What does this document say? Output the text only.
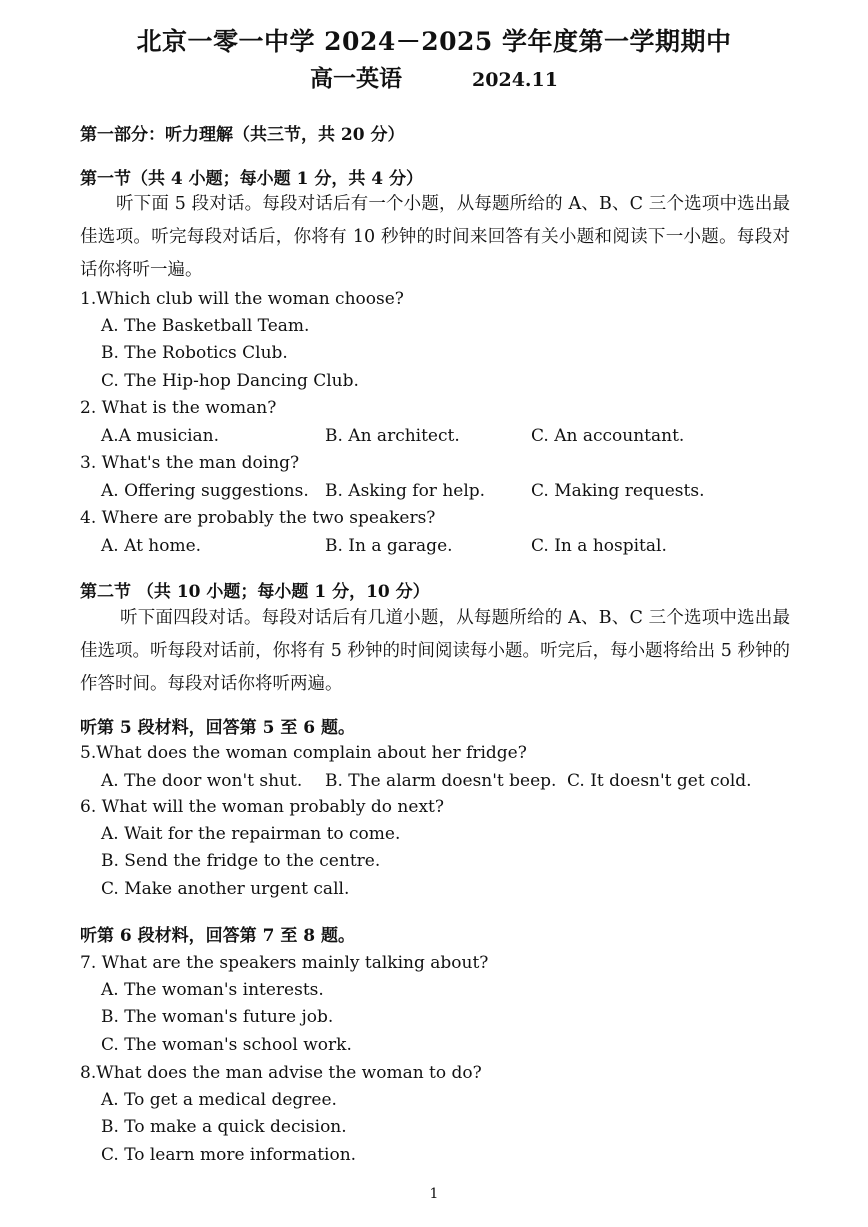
北京一零一中学 2024－2025 学年度第一学期期中
高一英语	2024.11
第一部分：听力理解（共三节，共 20 分）
第一节（共 4 小题；每小题 1 分，共 4 分）
听下面 5 段对话。每段对话后有一个小题，从每题所给的 A、B、C 三个选项中选出最佳选项。听完每段对话后，你将有 10 秒钟的时间来回答有关小题和阅读下一小题。每段对话你将听一遍。
1.Which club will the woman choose?
A. The Basketball Team.
B. The Robotics Club.
C. The Hip-hop Dancing Club.
2. What is the woman?
A.A musician.	B. An architect.	C. An accountant.
3. What's the man doing?
A. Offering suggestions. B. Asking for help.	C. Making requests.
4. Where are probably the two speakers?
A. At home.	B. In a garage.	C. In a hospital.
第二节 （共 10 小题；每小题 1 分，10 分）
听下面四段对话。每段对话后有几道小题，从每题所给的 A、B、C 三个选项中选出最佳选项。听每段对话前，你将有 5 秒钟的时间阅读每小题。听完后，每小题将给出 5 秒钟的作答时间。每段对话你将听两遍。
听第 5 段材料，回答第 5 至 6 题。
5.What does the woman complain about her fridge?
A. The door won't shut. B. The alarm doesn't beep. C. It doesn't get cold.
6. What will the woman probably do next?
A. Wait for the repairman to come.
B. Send the fridge to the centre.
C. Make another urgent call.
听第 6 段材料，回答第 7 至 8 题。
7. What are the speakers mainly talking about?
A. The woman's interests.
B. The woman's future job.
C. The woman's school work.
8.What does the man advise the woman to do?
A. To get a medical degree.
B. To make a quick decision.
C. To learn more information.
1
